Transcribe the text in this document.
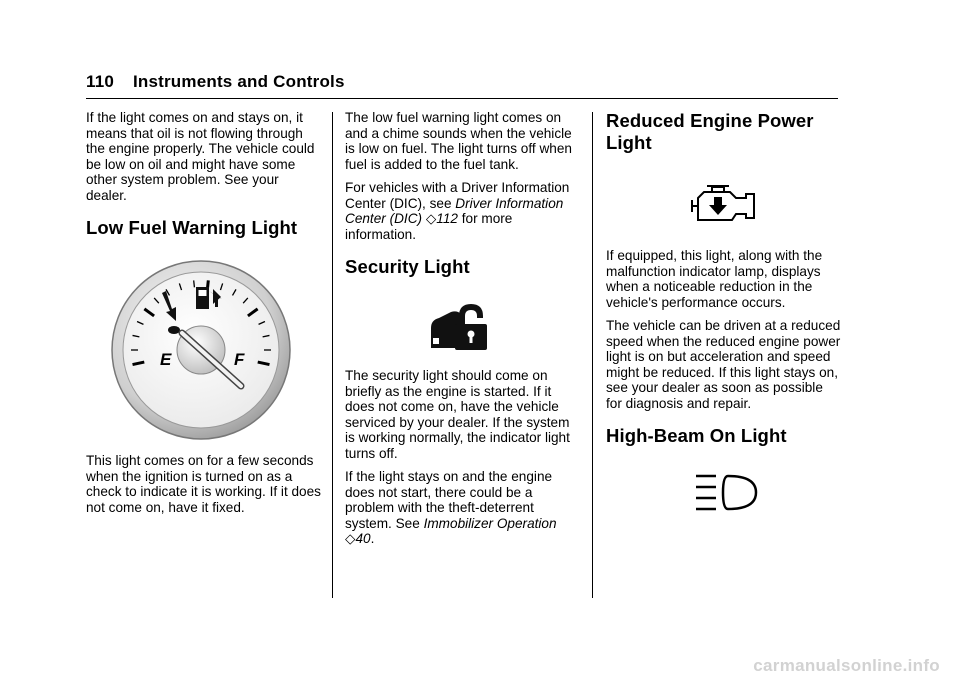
110 Instruments and Controls

If the light comes on and stays on, it means that oil is not flowing through the engine properly. The vehicle could be low on oil and might have some other system problem. See your dealer.

Low Fuel Warning Light
E	F

This light comes on for a few seconds when the ignition is turned on as a check to indicate it is working. If it does not come on, have it fixed.

The low fuel warning light comes on and a chime sounds when the vehicle is low on fuel. The light turns off when fuel is added to the fuel tank.

For vehicles with a Driver Information Center (DIC), see Driver Information Center (DIC) ◇112 for more information.

Security Light

The security light should come on briefly as the engine is started. If it does not come on, have the vehicle serviced by your dealer. If the system is working normally, the indicator light turns off.

If the light stays on and the engine does not start, there could be a problem with the theft-deterrent system. See Immobilizer Operation
◇40.

Reduced Engine Power Light

If equipped, this light, along with the malfunction indicator lamp, displays when a noticeable reduction in the vehicle's performance occurs.

The vehicle can be driven at a reduced speed when the reduced engine power light is on but acceleration and speed might be reduced. If this light stays on, see your dealer as soon as possible for diagnosis and repair.

High-Beam On Light
carmanualsonline.info
